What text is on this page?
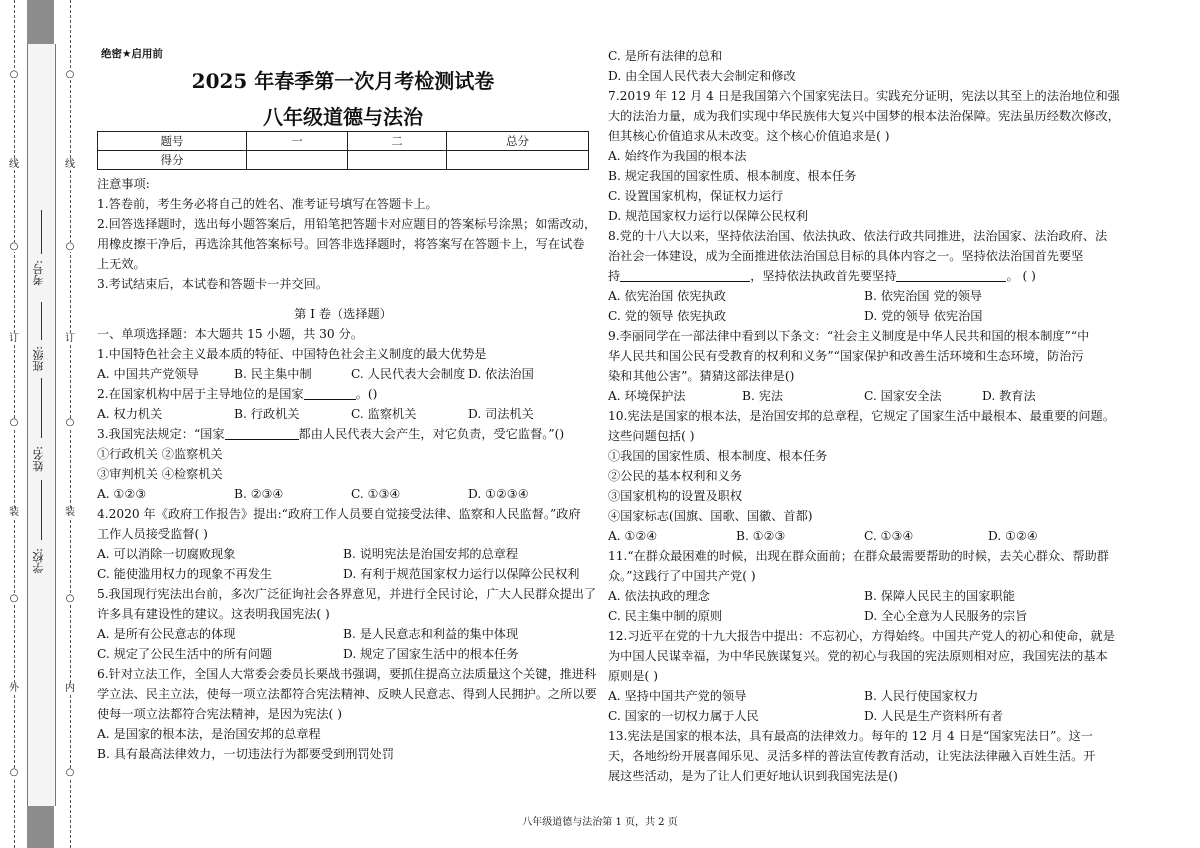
○
线
○
订
○
装
○
外
○
○
线
○
订
○
装
○
内
○
学校:
姓名:
班级:
考号:
绝密★启用前
2025 年春季第一次月考检测试卷
八年级道德与法治
题号	一	二	总分
得分			
注意事项:
1.答卷前，考生务必将自己的姓名、准考证号填写在答题卡上。
2.回答选择题时，选出每小题答案后，用铅笔把答题卡对应题目的答案标号涂黑；如需改动，
用橡皮擦干净后，再选涂其他答案标号。回答非选择题时，将答案写在答题卡上，写在试卷
上无效。
3.考试结束后，本试卷和答题卡一并交回。
第 I 卷（选择题）
一、单项选择题：本大题共 15 小题，共 30 分。
1.中国特色社会主义最本质的特征、中国特色社会主义制度的最大优势是
A. 中国共产党领导	B. 民主集中制	C. 人民代表大会制度 D. 依法治国
2.在国家机构中居于主导地位的是国家	。()
A. 权力机关	B. 行政机关	C. 监察机关	D. 司法机关
3.我国宪法规定：“国家	都由人民代表大会产生，对它负责，受它监督。”()
①行政机关 ②监察机关
③审判机关 ④检察机关
A. ①②③	B. ②③④	C. ①③④	D. ①②③④
4.2020 年《政府工作报告》提出:“政府工作人员要自觉接受法律、监察和人民监督。”政府
工作人员接受监督( )
A. 可以消除一切腐败现象	B. 说明宪法是治国安邦的总章程
C. 能使滥用权力的现象不再发生	D. 有利于规范国家权力运行以保障公民权利
5.我国现行宪法出台前，多次广泛征询社会各界意见，并进行全民讨论，广大人民群众提出了
许多具有建设性的建议。这表明我国宪法( )
A. 是所有公民意志的体现	B. 是人民意志和利益的集中体现
C. 规定了公民生活中的所有问题	D. 规定了国家生活中的根本任务
6.针对立法工作，全国人大常委会委员长栗战书强调，要抓住提高立法质量这个关键，推进科
学立法、民主立法，使每一项立法都符合宪法精神、反映人民意志、得到人民拥护。之所以要
使每一项立法都符合宪法精神，是因为宪法( )
A. 是国家的根本法，是治国安邦的总章程
B. 具有最高法律效力，一切违法行为都要受到刑罚处罚
C. 是所有法律的总和
D. 由全国人民代表大会制定和修改
7.2019 年 12 月 4 日是我国第六个国家宪法日。实践充分证明，宪法以其至上的法治地位和强
大的法治力量，成为我们实现中华民族伟大复兴中国梦的根本法治保障。宪法虽历经数次修改，
但其核心价值追求从未改变。这个核心价值追求是( )
A. 始终作为我国的根本法
B. 规定我国的国家性质、根本制度、根本任务
C. 设置国家机构，保证权力运行
D. 规范国家权力运行以保障公民权利
8.党的十八大以来，坚持依法治国、依法执政、依法行政共同推进，法治国家、法治政府、法
治社会一体建设，成为全面推进依法治国总目标的具体内容之一。坚持依法治国首先要坚
持	，坚持依法执政首先要坚持	。 ( )
A. 依宪治国 依宪执政	B. 依宪治国 党的领导
C. 党的领导 依宪执政	D. 党的领导 依宪治国
9.李丽同学在一部法律中看到以下条文：“社会主义制度是中华人民共和国的根本制度”“中
华人民共和国公民有受教育的权利和义务”“国家保护和改善生活环境和生态环境，防治污
染和其他公害”。猜猜这部法律是()
A. 环境保护法	B. 宪法	C. 国家安全法	D. 教育法
10.宪法是国家的根本法，是治国安邦的总章程，它规定了国家生活中最根本、最重要的问题。
这些问题包括( )
①我国的国家性质、根本制度、根本任务
②公民的基本权利和义务
③国家机构的设置及职权
④国家标志(国旗、国歌、国徽、首都)
A. ①②④	B. ①②③	C. ①③④	D. ①②④
11.“在群众最困难的时候，出现在群众面前；在群众最需要帮助的时候，去关心群众、帮助群
众。”这践行了中国共产党( )
A. 依法执政的理念	B. 保障人民民主的国家职能
C. 民主集中制的原则	D. 全心全意为人民服务的宗旨
12.习近平在党的十九大报告中提出：不忘初心，方得始终。中国共产党人的初心和使命，就是
为中国人民谋幸福，为中华民族谋复兴。党的初心与我国的宪法原则相对应，我国宪法的基本
原则是( )
A. 坚持中国共产党的领导	B. 人民行使国家权力
C. 国家的一切权力属于人民	D. 人民是生产资料所有者
13.宪法是国家的根本法，具有最高的法律效力。每年的 12 月 4 日是“国家宪法日”。这一
天，各地纷纷开展喜闻乐见、灵活多样的普法宣传教育活动，让宪法法律融入百姓生活。开
展这些活动，是为了让人们更好地认识到我国宪法是()
八年级道德与法治第 1 页，共 2 页
